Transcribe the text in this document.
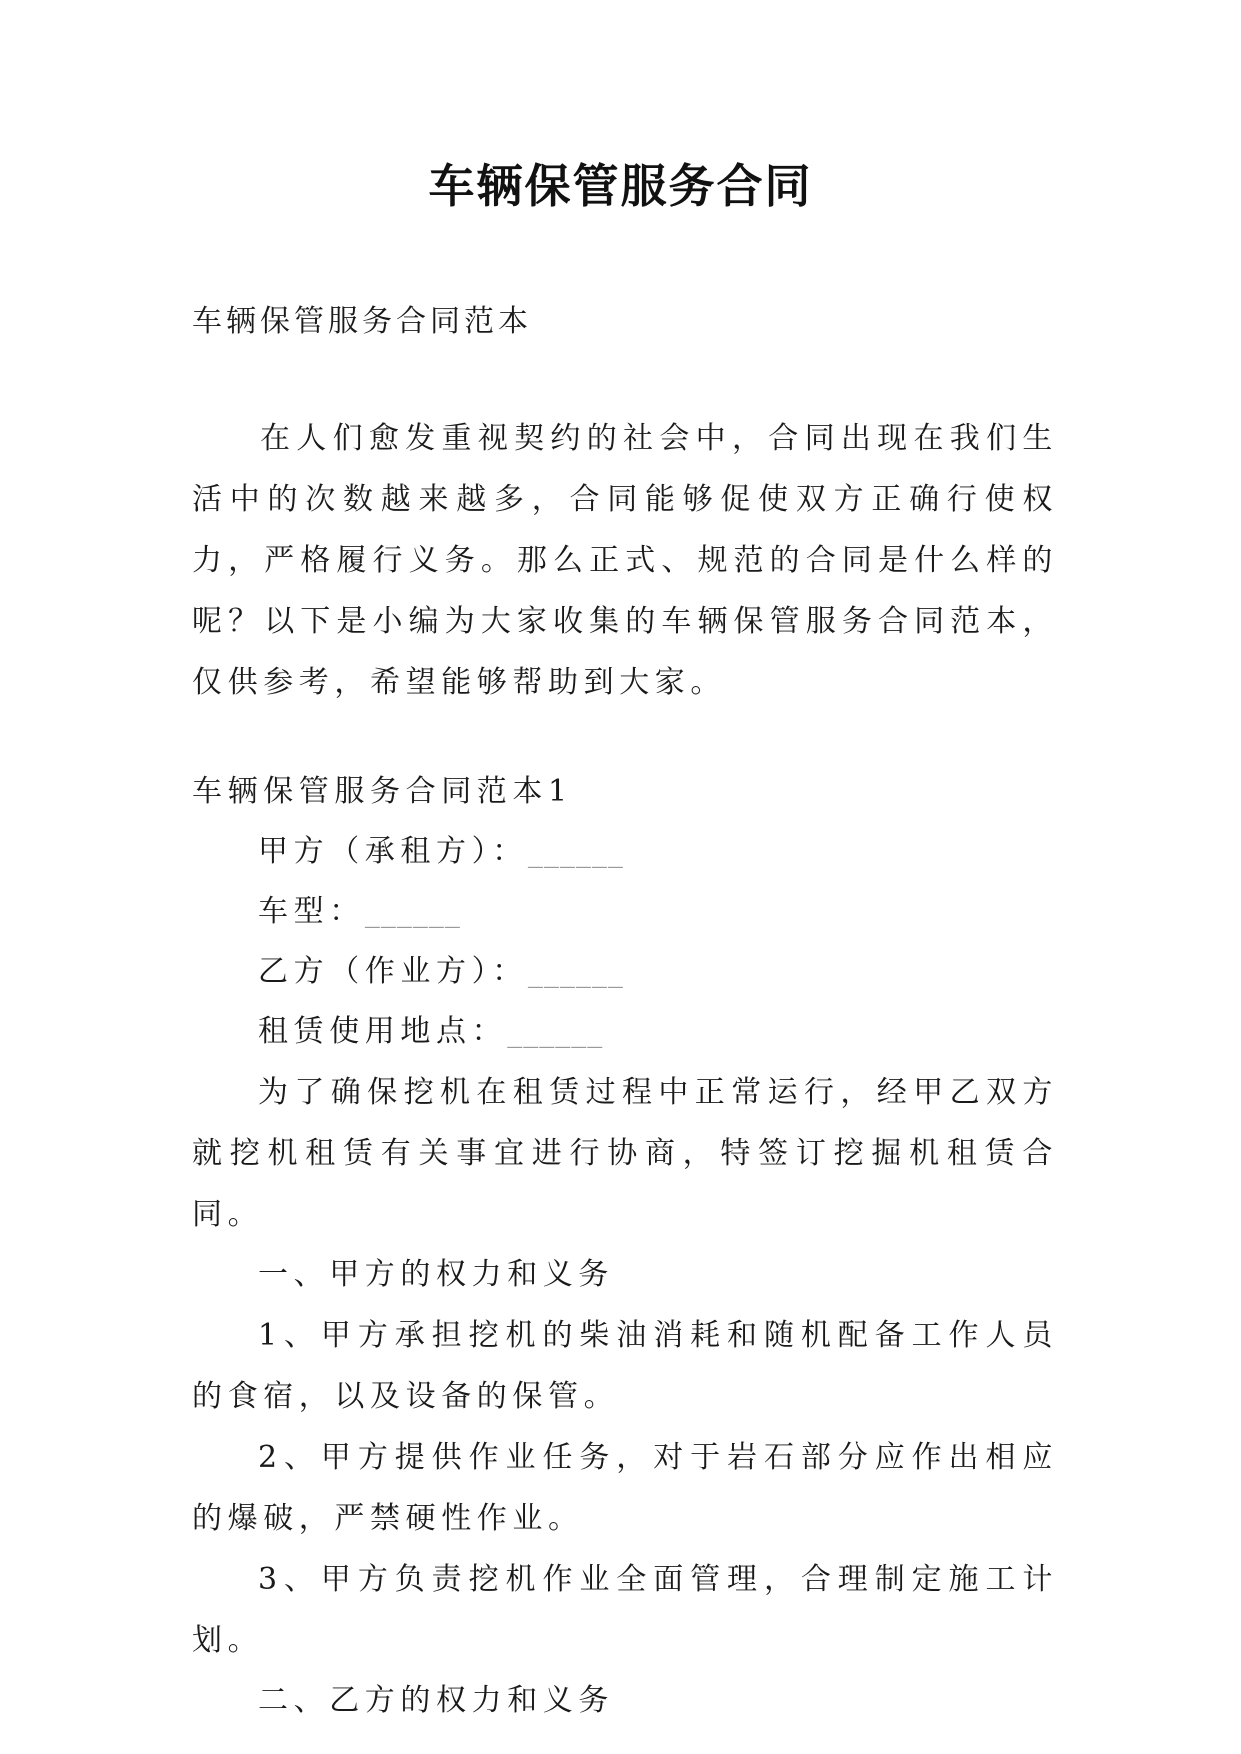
车辆保管服务合同

车辆保管服务合同范本

在人们愈发重视契约的社会中，合同出现在我们生活中的次数越来越多，合同能够促使双方正确行使权力，严格履行义务。那么正式、规范的合同是什么样的呢？以下是小编为大家收集的车辆保管服务合同范本，仅供参考，希望能够帮助到大家。

车辆保管服务合同范本1

甲方（承租方）：______

车型：______

乙方（作业方）：______

租赁使用地点：______

为了确保挖机在租赁过程中正常运行，经甲乙双方就挖机租赁有关事宜进行协商，特签订挖掘机租赁合同。

一、甲方的权力和义务

1、甲方承担挖机的柴油消耗和随机配备工作人员的食宿，以及设备的保管。

2、甲方提供作业任务，对于岩石部分应作出相应的爆破，严禁硬性作业。

3、甲方负责挖机作业全面管理，合理制定施工计划。

二、乙方的权力和义务
